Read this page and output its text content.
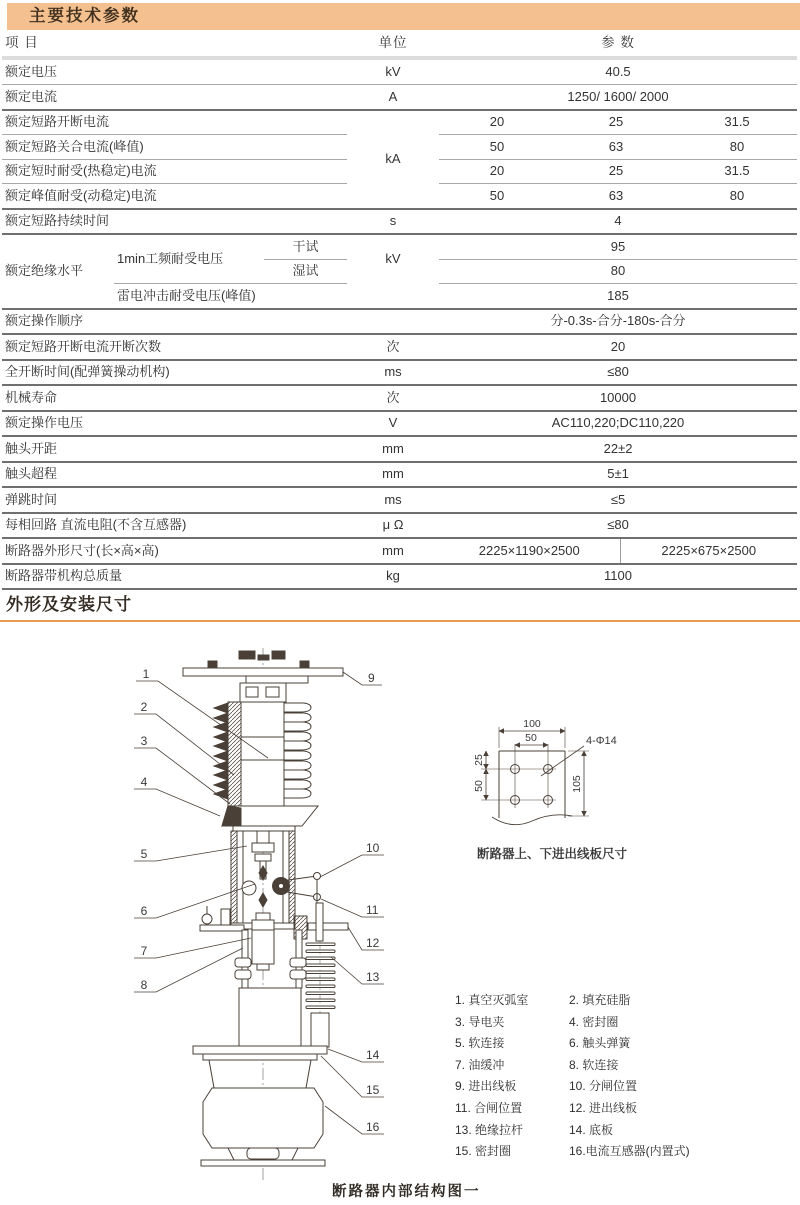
主要技术参数
项 目			单位	参 数			
额定电压			kV	40.5			
额定电流			A	1250/ 1600/ 2000			
额定短路开断电流			kA	20	25		31.5
额定短路关合电流(峰值)				50	63		80
额定短时耐受(热稳定)电流				20	25		31.5
额定峰值耐受(动稳定)电流				50	63		80
额定短路持续时间			s	4			
额定绝缘水平	1min工频耐受电压	干试	kV	95			
		湿试		80			
	雷电冲击耐受电压(峰值)			185			
额定操作顺序				分-0.3s-合分-180s-合分			
额定短路开断电流开断次数			次	20			
全开断时间(配弹簧操动机构)			ms	≤80			
机械寿命			次	10000			
额定操作电压			V	AC110,220;DC110,220			
触头开距			mm	22±2			
触头超程			mm	5±1			
弹跳时间			ms	≤5			
每相回路 直流电阻(不含互感器)			μ Ω	≤80			
断路器外形尺寸(长×高×高)			mm	2225×1190×2500		2225×675×2500	
断路器带机构总质量			kg	1100			
外形及安装尺寸
1
2
3
4
5
6
7
8
9
10
11
12
13
14
15
16
100
50
25
50	105
4-Φ14
断路器上、下进出线板尺寸
1. 真空灭弧室	2. 填充硅脂
3. 导电夹	4. 密封圈
5. 软连接	6. 触头弹簧
7. 油缓冲	8. 软连接
9. 进出线板	10. 分闸位置
11. 合闸位置	12. 进出线板
13. 绝缘拉杆	14. 底板
15. 密封圈	16.电流互感器(内置式)
断路器内部结构图一
